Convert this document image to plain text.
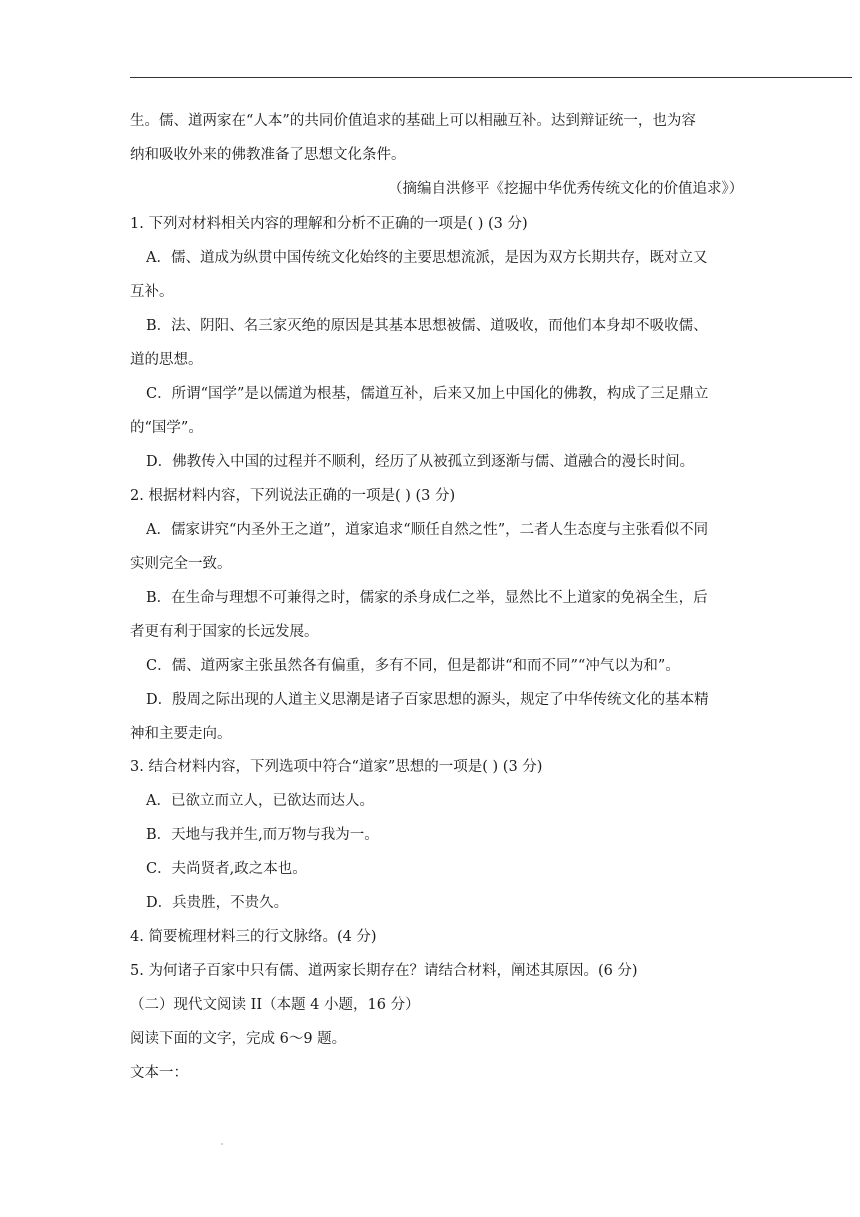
生。儒、道两家在“人本”的共同价值追求的基础上可以相融互补。达到辩证统一，也为容
纳和吸收外来的佛教准备了思想文化条件。
（摘编自洪修平《挖掘中华优秀传统文化的价值追求》）
1. 下列对材料相关内容的理解和分析不正确的一项是( ) (3 分)
A．儒、道成为纵贯中国传统文化始终的主要思想流派，是因为双方长期共存，既对立又
互补。
B．法、阴阳、名三家灭绝的原因是其基本思想被儒、道吸收，而他们本身却不吸收儒、
道的思想。
C．所谓“国学”是以儒道为根基，儒道互补，后来又加上中国化的佛教，构成了三足鼎立
的“国学”。
D．佛教传入中国的过程并不顺利，经历了从被孤立到逐渐与儒、道融合的漫长时间。
2. 根据材料内容，下列说法正确的一项是( ) (3 分)
A．儒家讲究“内圣外王之道”，道家追求“顺任自然之性”，二者人生态度与主张看似不同
实则完全一致。
B．在生命与理想不可兼得之时，儒家的杀身成仁之举，显然比不上道家的免祸全生，后
者更有利于国家的长远发展。
C．儒、道两家主张虽然各有偏重，多有不同，但是都讲“和而不同”“冲气以为和”。
D．殷周之际出现的人道主义思潮是诸子百家思想的源头，规定了中华传统文化的基本精
神和主要走向。
3. 结合材料内容，下列选项中符合“道家”思想的一项是( ) (3 分)
A．已欲立而立人，已欲达而达人。
B．天地与我并生,而万物与我为一。
C．夫尚贤者,政之本也。
D．兵贵胜，不贵久。
4. 简要梳理材料三的行文脉络。(4 分)
5. 为何诸子百家中只有儒、道两家长期存在？请结合材料，阐述其原因。(6 分)
（二）现代文阅读 II（本题 4 小题，16 分）
阅读下面的文字，完成 6～9 题。
文本一：
